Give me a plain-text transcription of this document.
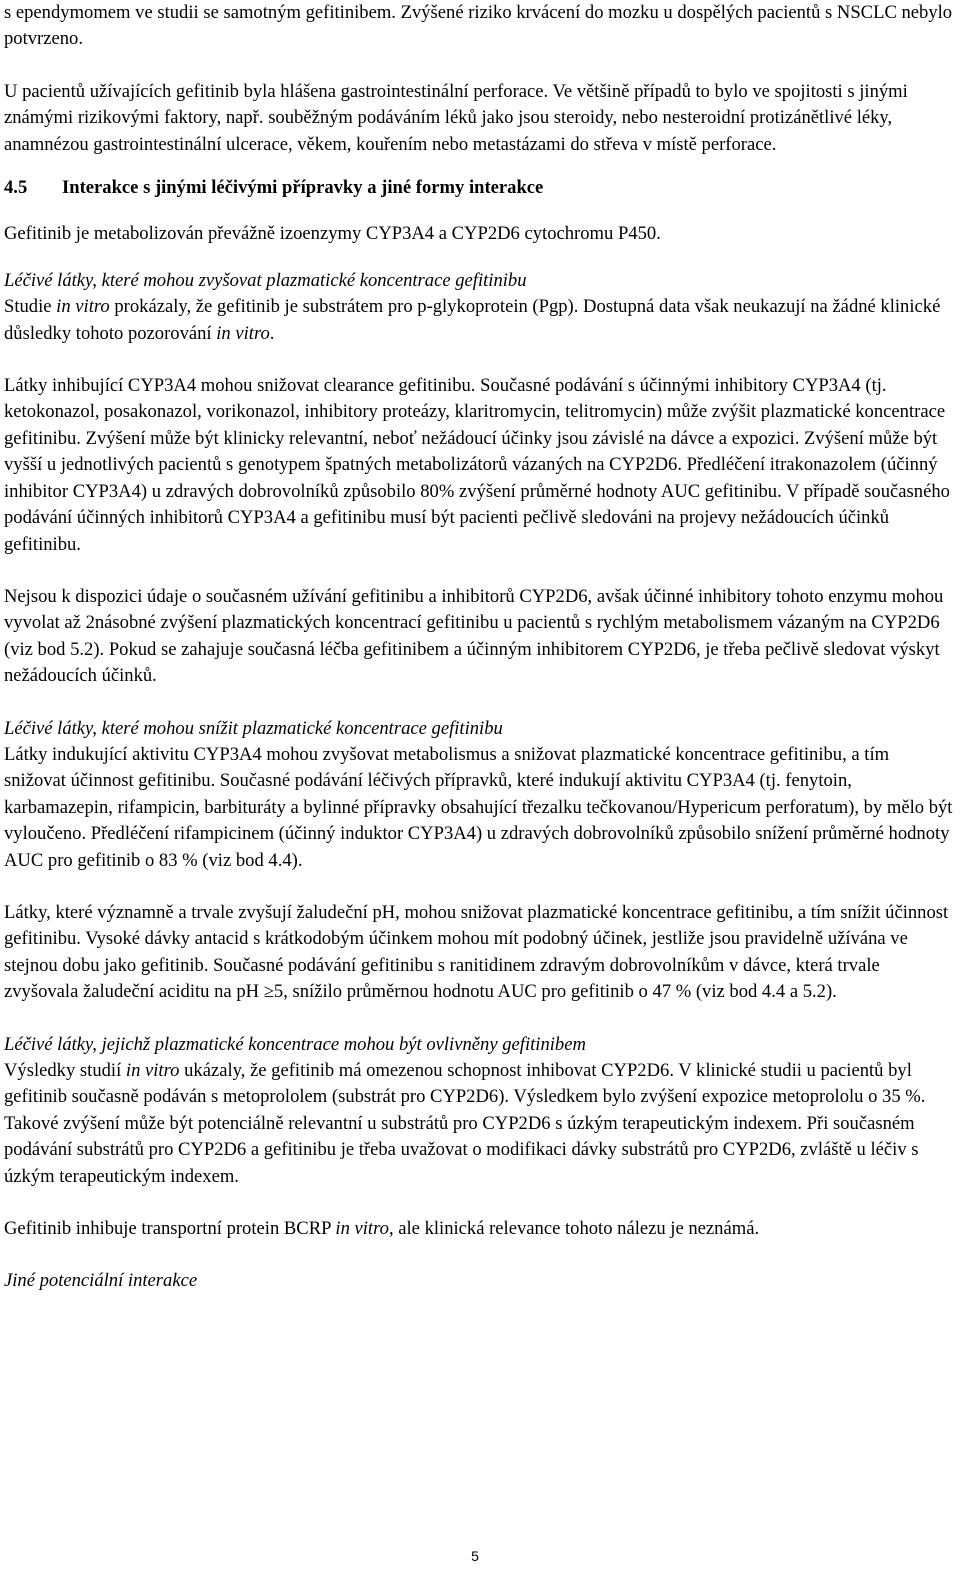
s ependymomem ve studii se samotným gefitinibem. Zvýšené riziko krvácení do mozku u dospělých pacientů s NSCLC nebylo potvrzeno.

U pacientů užívajících gefitinib byla hlášena gastrointestinální perforace. Ve většině případů to bylo ve spojitosti s jinými známými rizikovými faktory, např. souběžným podáváním léků jako jsou steroidy, nebo nesteroidní protizánětlivé léky, anamnézou gastrointestinální ulcerace, věkem, kouřením nebo metastázami do střeva v místě perforace.

4.5	Interakce s jinými léčivými přípravky a jiné formy interakce

Gefitinib je metabolizován převážně izoenzymy CYP3A4 a CYP2D6 cytochromu P450.

Léčivé látky, které mohou zvyšovat plazmatické koncentrace gefitinibu

Studie in vitro prokázaly, že gefitinib je substrátem pro p-glykoprotein (Pgp). Dostupná data však neukazují na žádné klinické důsledky tohoto pozorování in vitro.

Látky inhibující CYP3A4 mohou snižovat clearance gefitinibu. Současné podávání s účinnými inhibitory CYP3A4 (tj. ketokonazol, posakonazol, vorikonazol, inhibitory proteázy, klaritromycin, telitromycin) může zvýšit plazmatické koncentrace gefitinibu. Zvýšení může být klinicky relevantní, neboť nežádoucí účinky jsou závislé na dávce a expozici. Zvýšení může být vyšší u jednotlivých pacientů s genotypem špatných metabolizátorů vázaných na CYP2D6. Předléčení itrakonazolem (účinný inhibitor CYP3A4) u zdravých dobrovolníků způsobilo 80% zvýšení průměrné hodnoty AUC gefitinibu. V případě současného podávání účinných inhibitorů CYP3A4 a gefitinibu musí být pacienti pečlivě sledováni na projevy nežádoucích účinků gefitinibu.

Nejsou k dispozici údaje o současném užívání gefitinibu a inhibitorů CYP2D6, avšak účinné inhibitory tohoto enzymu mohou vyvolat až 2násobné zvýšení plazmatických koncentrací gefitinibu u pacientů s rychlým metabolismem vázaným na CYP2D6 (viz bod 5.2). Pokud se zahajuje současná léčba gefitinibem a účinným inhibitorem CYP2D6, je třeba pečlivě sledovat výskyt nežádoucích účinků.

Léčivé látky, které mohou snížit plazmatické koncentrace gefitinibu

Látky indukující aktivitu CYP3A4 mohou zvyšovat metabolismus a snižovat plazmatické koncentrace gefitinibu, a tím snižovat účinnost gefitinibu. Současné podávání léčivých přípravků, které indukují aktivitu CYP3A4 (tj. fenytoin, karbamazepin, rifampicin, barbituráty a bylinné přípravky obsahující třezalku tečkovanou/Hypericum perforatum), by mělo být vyloučeno. Předléčení rifampicinem (účinný induktor CYP3A4) u zdravých dobrovolníků způsobilo snížení průměrné hodnoty AUC pro gefitinib o 83 % (viz bod 4.4).

Látky, které významně a trvale zvyšují žaludeční pH, mohou snižovat plazmatické koncentrace gefitinibu, a tím snížit účinnost gefitinibu. Vysoké dávky antacid s krátkodobým účinkem mohou mít podobný účinek, jestliže jsou pravidelně užívána ve stejnou dobu jako gefitinib. Současné podávání gefitinibu s ranitidinem zdravým dobrovolníkům v dávce, která trvale zvyšovala žaludeční aciditu na pH ≥5, snížilo průměrnou hodnotu AUC pro gefitinib o 47 % (viz bod 4.4 a 5.2).

Léčivé látky, jejichž plazmatické koncentrace mohou být ovlivněny gefitinibem

Výsledky studií in vitro ukázaly, že gefitinib má omezenou schopnost inhibovat CYP2D6. V klinické studii u pacientů byl gefitinib současně podáván s metoprololem (substrát pro CYP2D6). Výsledkem bylo zvýšení expozice metoprololu o 35 %. Takové zvýšení může být potenciálně relevantní u substrátů pro CYP2D6 s úzkým terapeutickým indexem. Při současném podávání substrátů pro CYP2D6 a gefitinibu je třeba uvažovat o modifikaci dávky substrátů pro CYP2D6, zvláště u léčiv s úzkým terapeutickým indexem.

Gefitinib inhibuje transportní protein BCRP in vitro, ale klinická relevance tohoto nálezu je neznámá.

Jiné potenciální interakce

5
